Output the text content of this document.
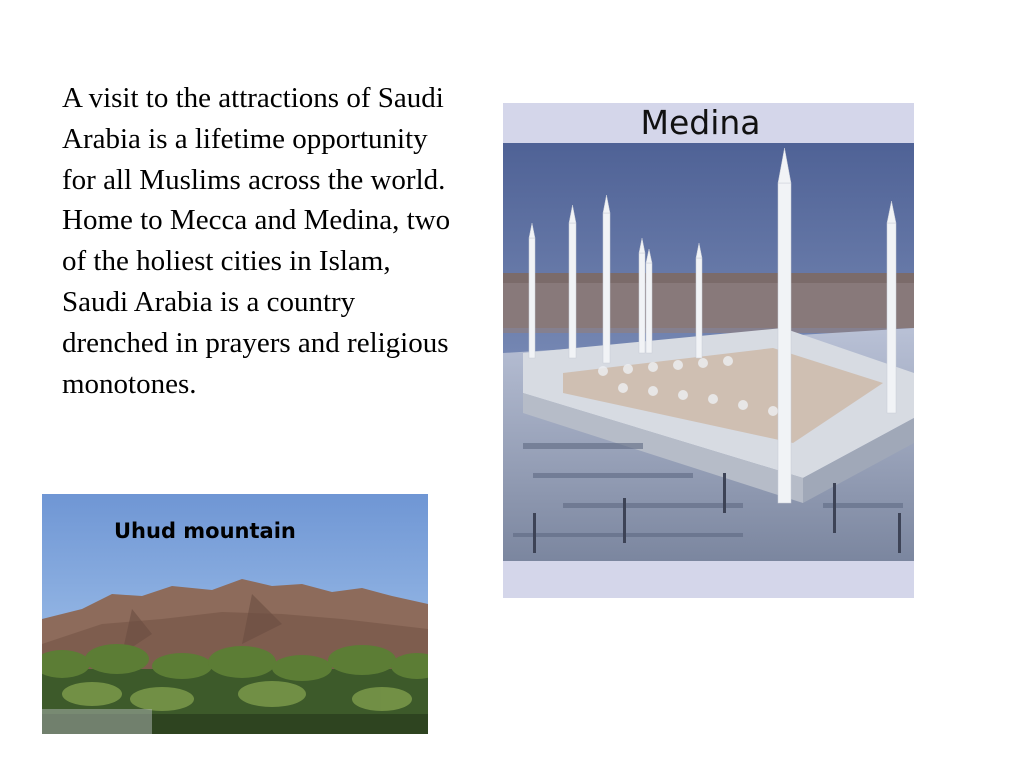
A visit to the attractions of Saudi Arabia is a lifetime opportunity for all Muslims across the world. Home to Mecca and Medina, two of the holiest cities in Islam, Saudi Arabia is a country drenched in prayers and religious monotones.

Medina
Uhud mountain
